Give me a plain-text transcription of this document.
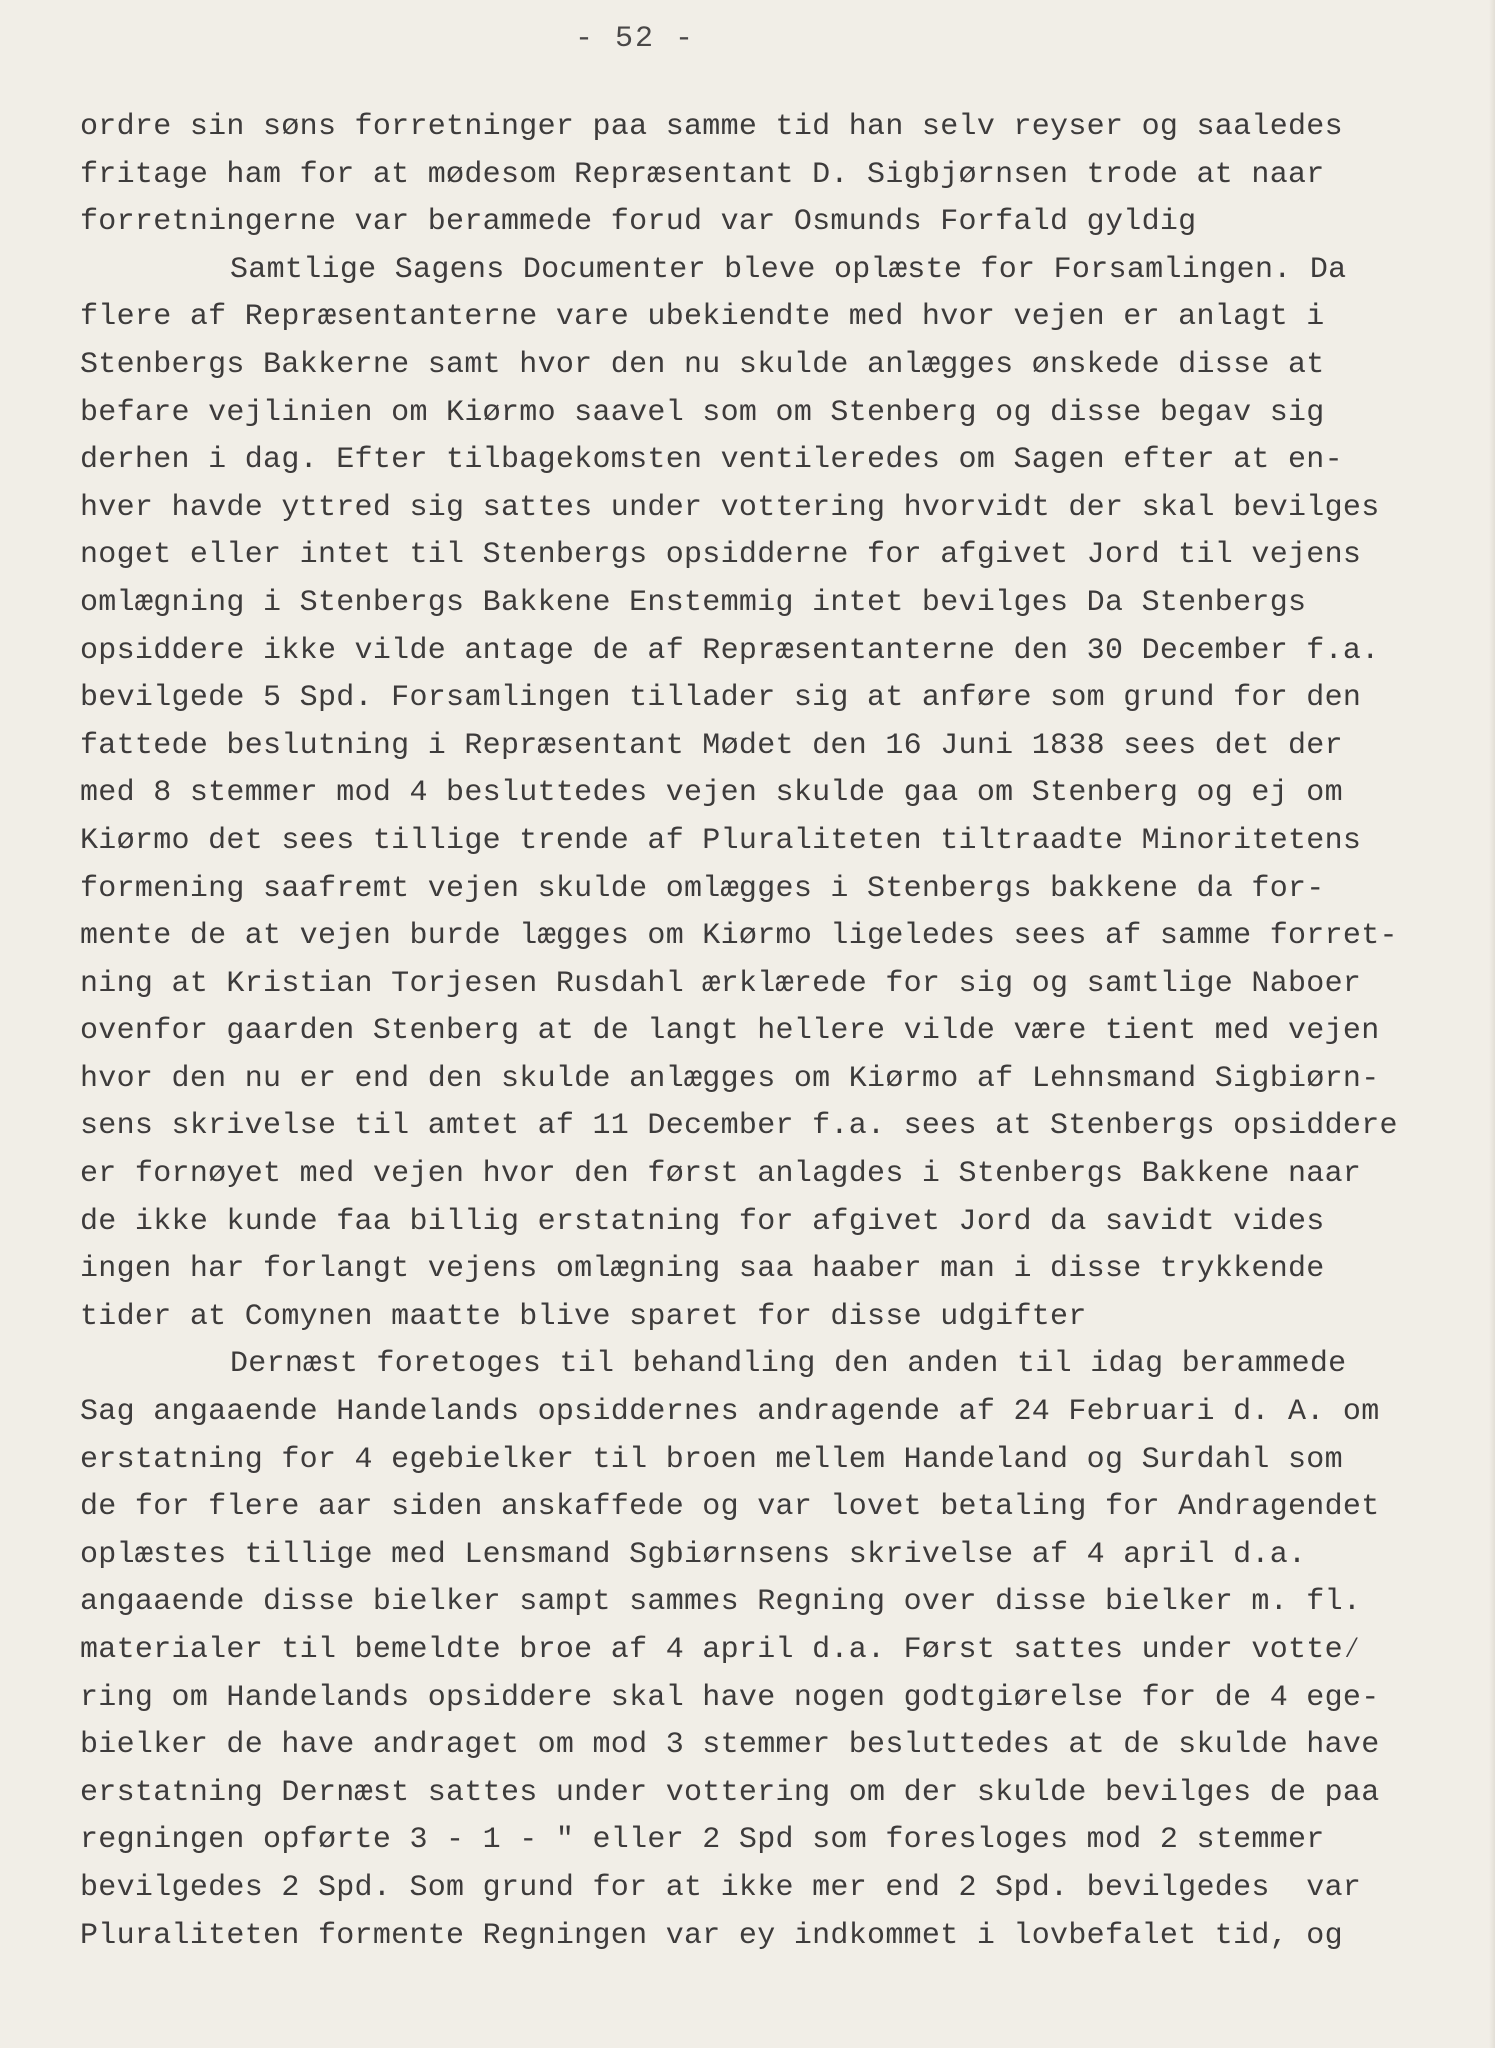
- 52 -
ordre sin søns forretninger paa samme tid han selv reyser og saaledes
fritage ham for at mødesom Repræsentant D. Sigbjørnsen trode at naar
forretningerne var berammede forud var Osmunds Forfald gyldig
Samtlige Sagens Documenter bleve oplæste for Forsamlingen. Da
flere af Repræsentanterne vare ubekiendte med hvor vejen er anlagt i
Stenbergs Bakkerne samt hvor den nu skulde anlægges ønskede disse at
befare vejlinien om Kiørmo saavel som om Stenberg og disse begav sig
derhen i dag. Efter tilbagekomsten ventileredes om Sagen efter at en-
hver havde yttred sig sattes under vottering hvorvidt der skal bevilges
noget eller intet til Stenbergs opsidderne for afgivet Jord til vejens
omlægning i Stenbergs Bakkene Enstemmig intet bevilges Da Stenbergs
opsiddere ikke vilde antage de af Repræsentanterne den 30 December f.a.
bevilgede 5 Spd. Forsamlingen tillader sig at anføre som grund for den
fattede beslutning i Repræsentant Mødet den 16 Juni 1838 sees det der
med 8 stemmer mod 4 besluttedes vejen skulde gaa om Stenberg og ej om
Kiørmo det sees tillige trende af Pluraliteten tiltraadte Minoritetens
formening saafremt vejen skulde omlægges i Stenbergs bakkene da for-
mente de at vejen burde lægges om Kiørmo ligeledes sees af samme forret-
ning at Kristian Torjesen Rusdahl ærklærede for sig og samtlige Naboer
ovenfor gaarden Stenberg at de langt hellere vilde være tient med vejen
hvor den nu er end den skulde anlægges om Kiørmo af Lehnsmand Sigbiørn-
sens skrivelse til amtet af 11 December f.a. sees at Stenbergs opsiddere
er fornøyet med vejen hvor den først anlagdes i Stenbergs Bakkene naar
de ikke kunde faa billig erstatning for afgivet Jord da savidt vides
ingen har forlangt vejens omlægning saa haaber man i disse trykkende
tider at Comynen maatte blive sparet for disse udgifter
Dernæst foretoges til behandling den anden til idag berammede
Sag angaaende Handelands opsiddernes andragende af 24 Februari d. A. om
erstatning for 4 egebielker til broen mellem Handeland og Surdahl som
de for flere aar siden anskaffede og var lovet betaling for Andragendet
oplæstes tillige med Lensmand Sgbiørnsens skrivelse af 4 april d.a.
angaaende disse bielker sampt sammes Regning over disse bielker m. fl.
materialer til bemeldte broe af 4 april d.a. Først sattes under votte⁄
ring om Handelands opsiddere skal have nogen godtgiørelse for de 4 ege-
bielker de have andraget om mod 3 stemmer besluttedes at de skulde have
erstatning Dernæst sattes under vottering om der skulde bevilges de paa
regningen opførte 3 - 1 - " eller 2 Spd som foresloges mod 2 stemmer
bevilgedes 2 Spd. Som grund for at ikke mer end 2 Spd. bevilgedes  var
Pluraliteten formente Regningen var ey indkommet i lovbefalet tid, og
